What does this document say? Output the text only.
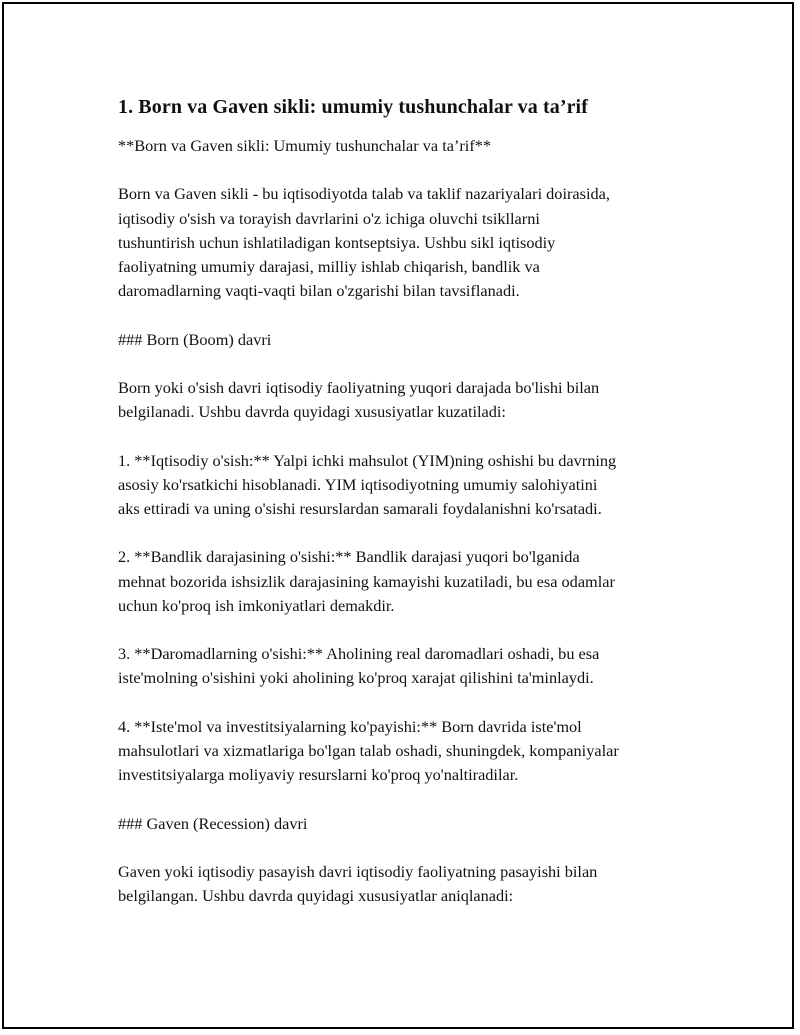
1. Born va Gaven sikli: umumiy tushunchalar va ta’rif

**Born va Gaven sikli: Umumiy tushunchalar va ta’rif**

Born va Gaven sikli - bu iqtisodiyotda talab va taklif nazariyalari doirasida,
iqtisodiy o'sish va torayish davrlarini o'z ichiga oluvchi tsikllarni
tushuntirish uchun ishlatiladigan kontseptsiya. Ushbu sikl iqtisodiy
faoliyatning umumiy darajasi, milliy ishlab chiqarish, bandlik va
daromadlarning vaqti-vaqti bilan o'zgarishi bilan tavsiflanadi.

### Born (Boom) davri

Born yoki o'sish davri iqtisodiy faoliyatning yuqori darajada bo'lishi bilan
belgilanadi. Ushbu davrda quyidagi xususiyatlar kuzatiladi:

1. **Iqtisodiy o'sish:** Yalpi ichki mahsulot (YIM)ning oshishi bu davrning
asosiy ko'rsatkichi hisoblanadi. YIM iqtisodiyotning umumiy salohiyatini
aks ettiradi va uning o'sishi resurslardan samarali foydalanishni ko'rsatadi.

2. **Bandlik darajasining o'sishi:** Bandlik darajasi yuqori bo'lganida
mehnat bozorida ishsizlik darajasining kamayishi kuzatiladi, bu esa odamlar
uchun ko'proq ish imkoniyatlari demakdir.

3. **Daromadlarning o'sishi:** Aholining real daromadlari oshadi, bu esa
iste'molning o'sishini yoki aholining ko'proq xarajat qilishini ta'minlaydi.

4. **Iste'mol va investitsiyalarning ko'payishi:** Born davrida iste'mol
mahsulotlari va xizmatlariga bo'lgan talab oshadi, shuningdek, kompaniyalar
investitsiyalarga moliyaviy resurslarni ko'proq yo'naltiradilar.

### Gaven (Recession) davri

Gaven yoki iqtisodiy pasayish davri iqtisodiy faoliyatning pasayishi bilan
belgilangan. Ushbu davrda quyidagi xususiyatlar aniqlanadi:
